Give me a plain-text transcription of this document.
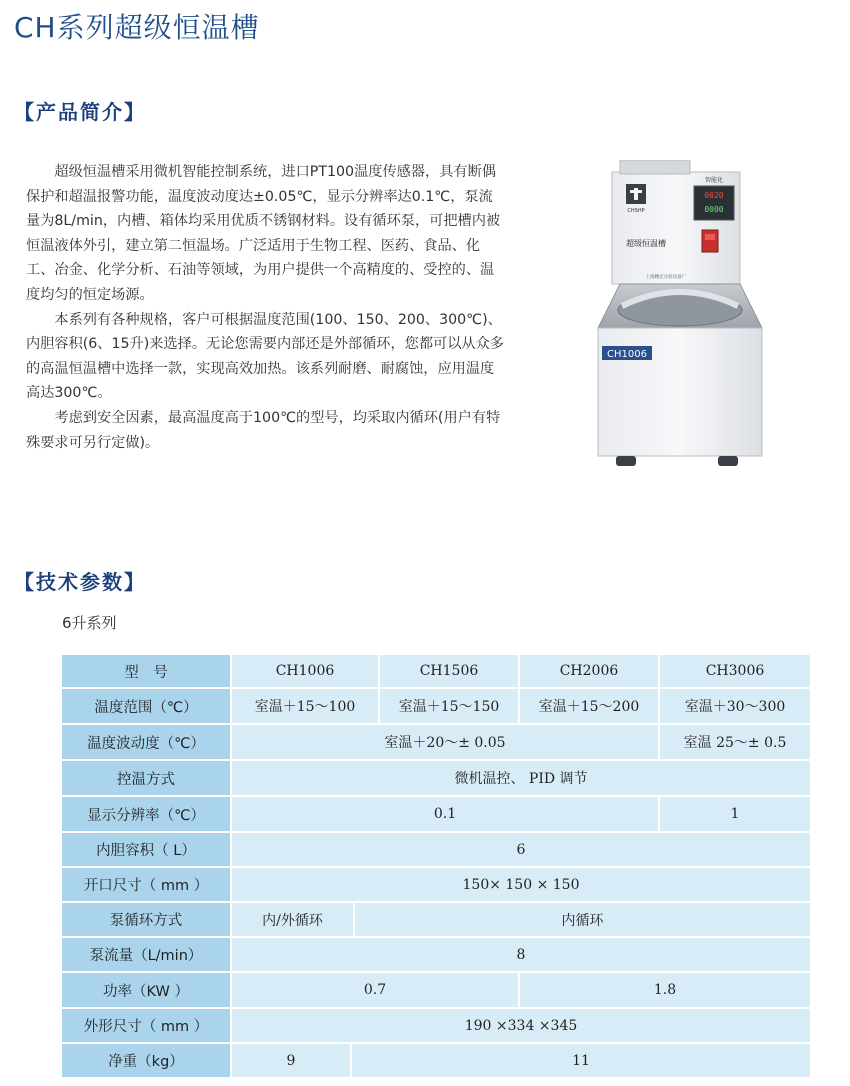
CH系列超级恒温槽
【产品简介】

超级恒温槽采用微机智能控制系统，进口PT100温度传感器，具有断偶保护和超温报警功能，温度波动度达±0.05℃，显示分辨率达0.1℃，泵流量为8L/min，内槽、箱体均采用优质不锈钢材料。设有循环泵，可把槽内被恒温液体外引，建立第二恒温场。广泛适用于生物工程、医药、食品、化工、冶金、化学分析、石油等领域，为用户提供一个高精度的、受控的、温度均匀的恒定场源。

本系列有各种规格，客户可根据温度范围(100、150、200、300℃)、内胆容积(6、15升)来选择。无论您需要内部还是外部循环，您都可以从众多的高温恒温槽中选择一款，实现高效加热。该系列耐磨、耐腐蚀，应用温度高达300℃。

考虑到安全因素，最高温度高于100℃的型号，均采取内循环(用户有特殊要求可另行定做)。

CHSHP
智能化
0020
0000
超级恒温槽
上海精宏实验设备厂
CH1006
【技术参数】
6升系列
型　号	CH1006	CH1506	CH2006	CH3006
温度范围（℃）	室温＋15～100	室温＋15～150	室温＋15～200	室温＋30～300
温度波动度（℃）	室温＋20～± 0.05	室温 25～± 0.5
控温方式	微机温控、 PID 调节
显示分辨率（℃）	0.1	1
内胆容积（ L）	6
开口尺寸（ mm ）	150× 150 × 150
泵循环方式	内/外循环	内循环
泵流量（L/min）	8
功率（KW ）	0.7	1.8
外形尺寸（ mm ）	190 ×334 ×345
净重（kg）	9	11
